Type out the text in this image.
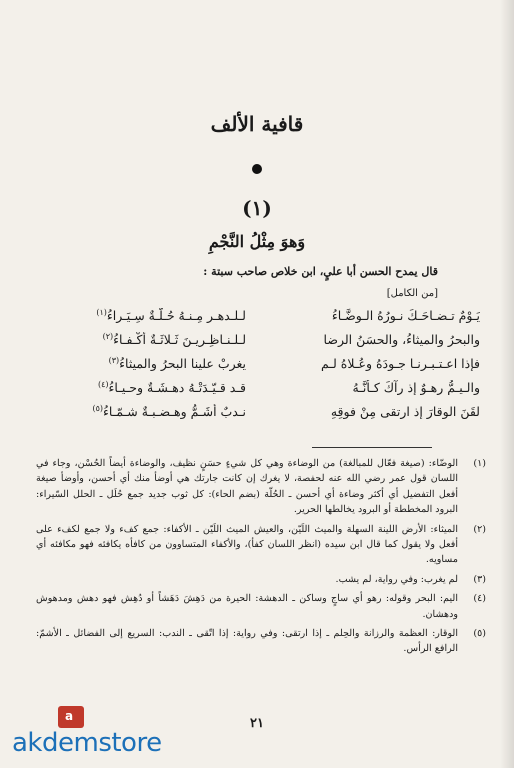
قافية الألف
(١)
وَهوَ مِثْلُ النَّجْمِ
قال يمدح الحسن أبا عليٍ، ابن خلاص صاحب سبتة :
[من الكامل]
لـلـدهـرِ مِـنـهُ حُـلَّـةٌ سِـيَـراءُ$^{(١)}$	يَـوْمٌ تـضـاحَـكَ نـورُهُ الـوضَّـاءُ
لـلـنـاظِـريـنَ ثَـلاثَـةٌ أكْـفـاءُ$^{(٢)}$	والبحرُ والميثاءُ، والحسَنُ الرضا
يغربْ علينا البحرُ والميثاءُ$^{(٣)}$	فإذا اعـتـبـرنـا جـودَهُ وعُـلاهُ لـم
قـد قـيّـدَتْـهُ دهـشَـةٌ وحـيـاءُ$^{(٤)}$	والـيـمُّ رهـوٌ إذ رآكَ كـأنَّـهُ
نـدبٌ أشَـمُّ وهـضـبـةٌ شـمّـاءُ$^{(٥)}$	لقَنَ الوقارَ إذ ارتقى مِنْ فوقِهِ
الوضّاء: (صيغة فعّال للمبالغة) من الوضاءة وهي كل شيءٍ حسَنٍ نظيف، والوضاءة أيضاً الحُسْن، وجاء في اللسان قول عمر رضي الله عنه لحفصة، لا يغرك إن كانت جارتك هي أوضأ منك أي أحسن، وأوضأ صيغة أفعل التفضيل أي أكثر وضاءة أي أحسن ـ الحُلّة (بضم الحاء): كل ثوب جديد جمع حُلَل ـ الحلل السّيراء: البرود المخططة أو البرود يخالطها الحرير.
(١)
الميثاء: الأرض اللينة السهلة والميث اللَيّن، والعيش الميث اللَيّن ـ الأكفاء: جمع كفء ولا جمع لكفء على أفعل ولا يقول كما قال ابن سيده (انظر اللسان كفأ)، والأكفاء المتساوون من كافأه يكافئه فهو مكافئه أي مساويه.
(٢)
لم يغرب: وفي رواية، لم يشب.	(٣)
اليم: البحر وقوله: رهو أي ساجٍ وساكن ـ الدهشة: الحيرة من دَهِشَ دَهَشاً أو دُهِش فهو دهش ومدهوش ودهشان.
(٤)
الوقار: العظمة والرزانة والحِلم ـ إذا ارتقى: وفي رواية: إذا اتّقى ـ الندب: السريع إلى الفضائل ـ الأشمّ: الرافع الرأس.
(٥)
٢١
a
akdemstore
